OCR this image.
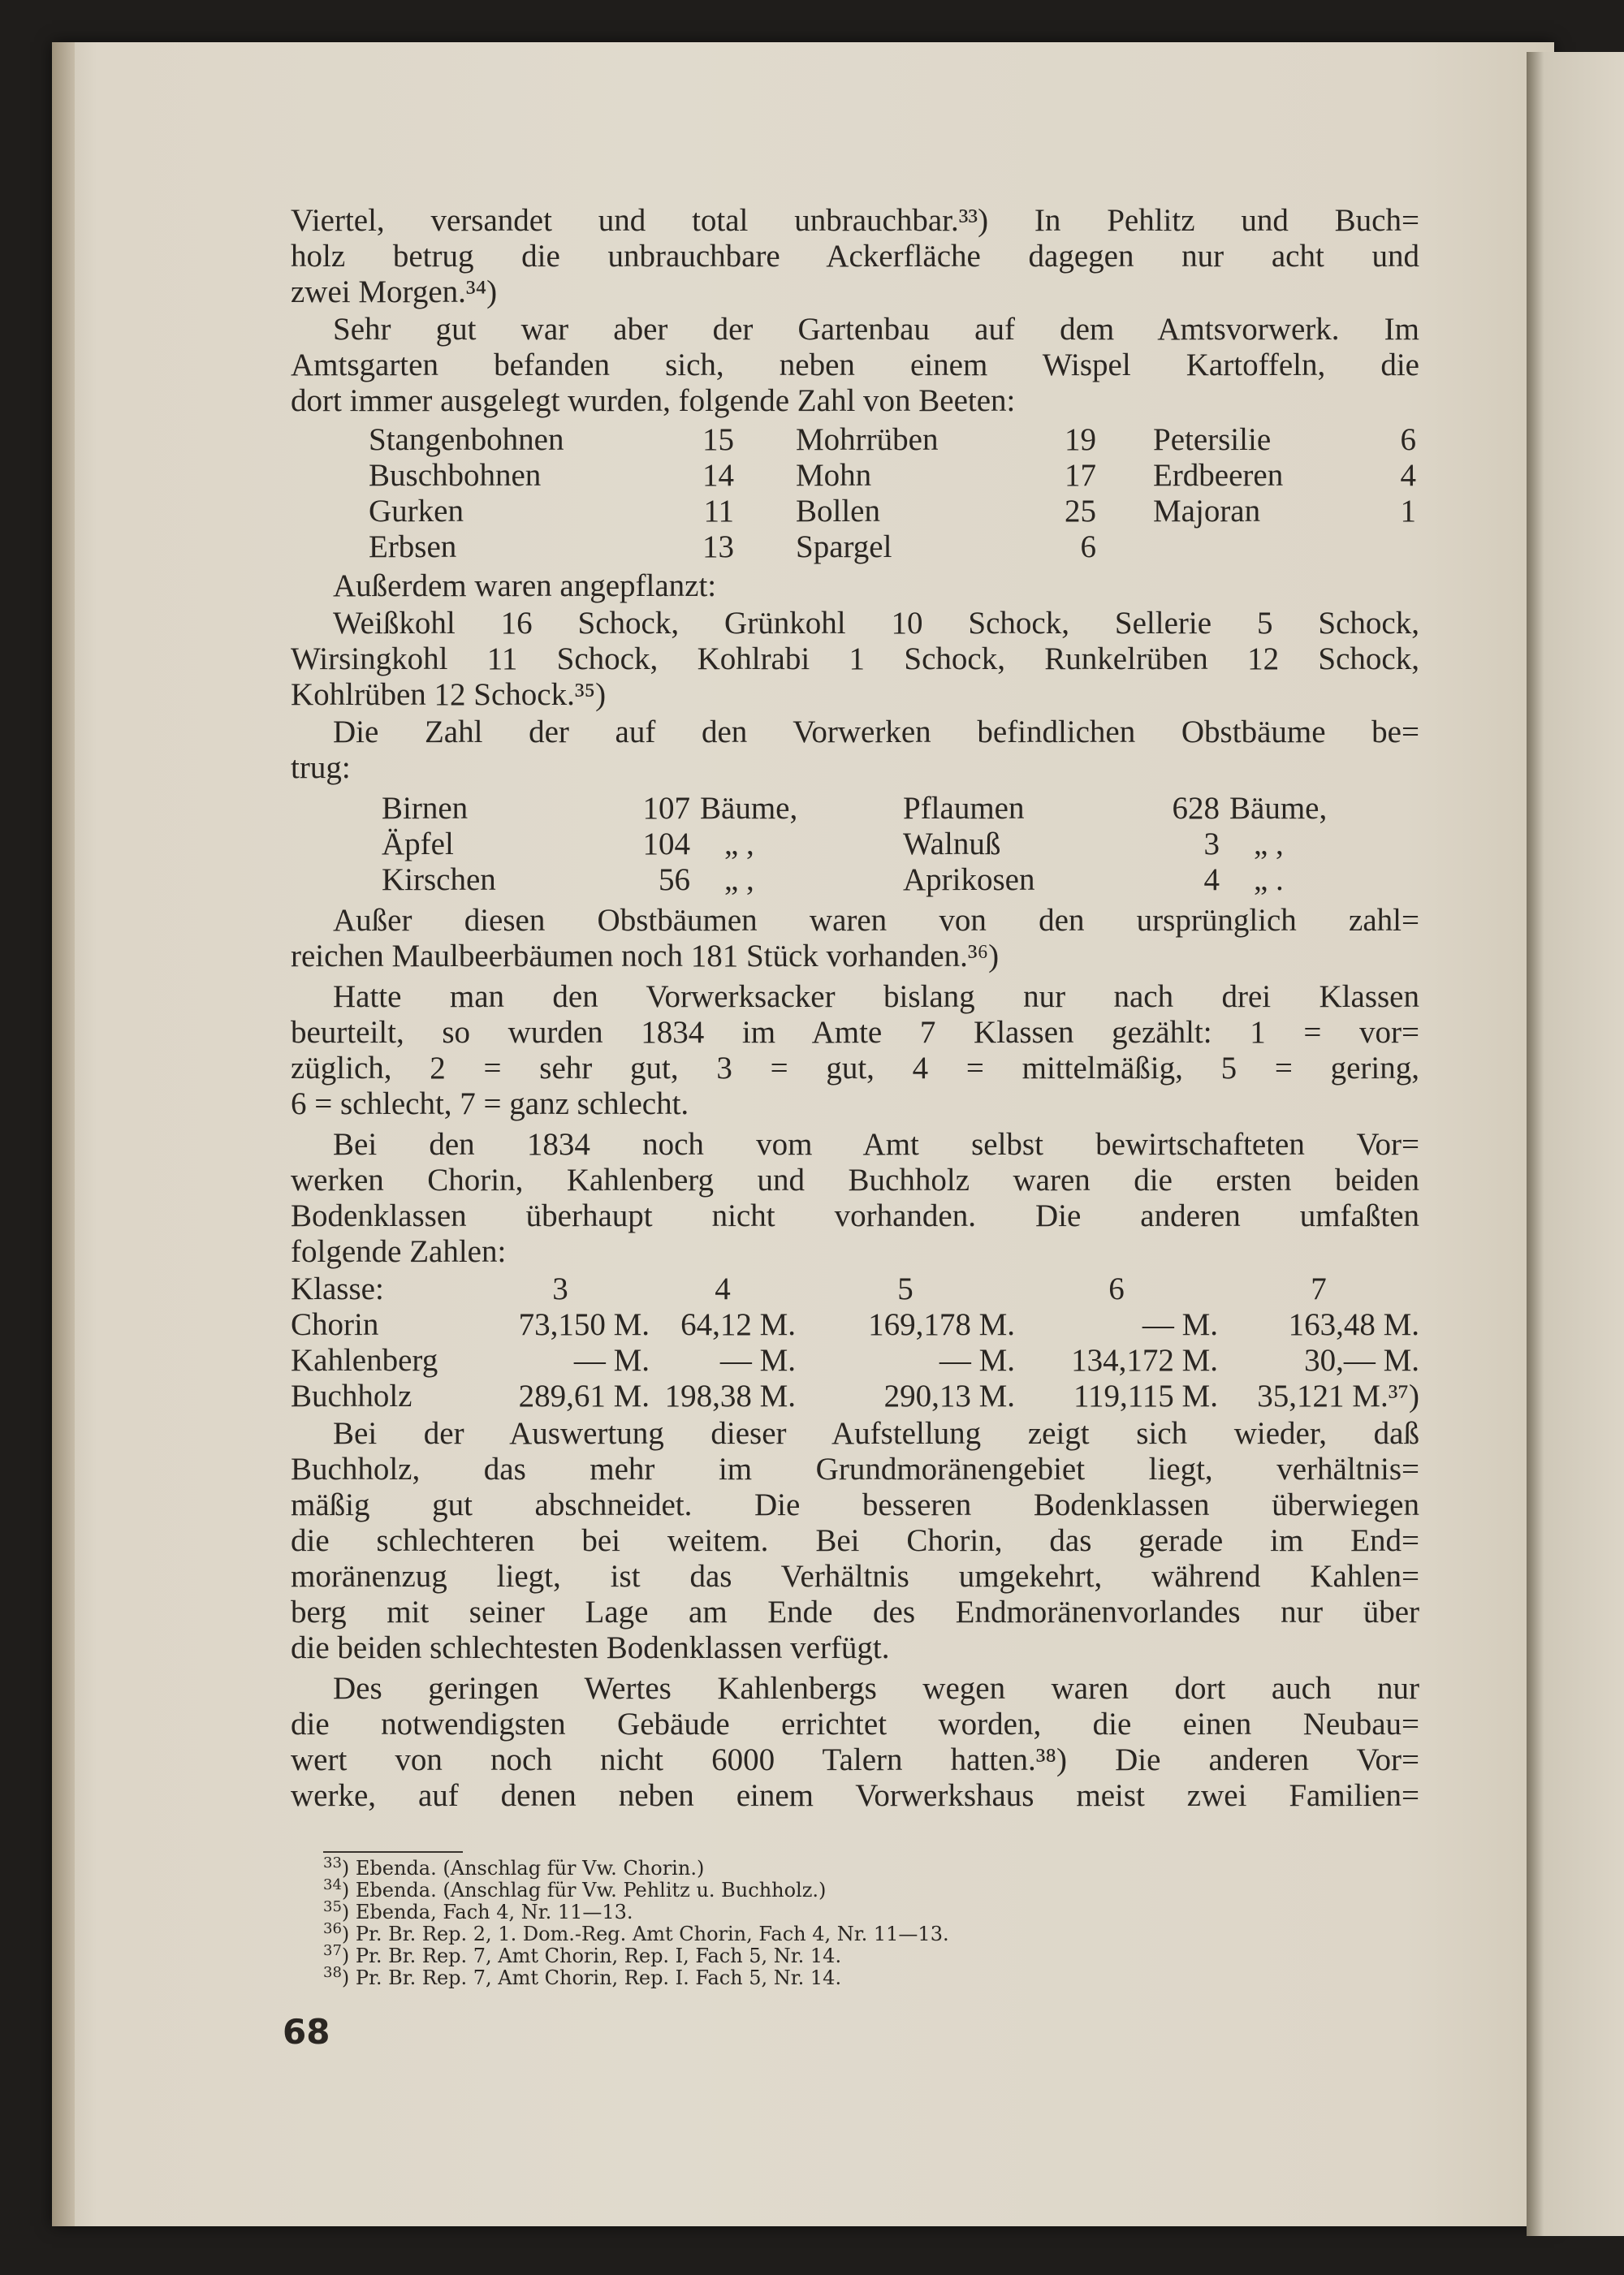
Viertel, versandet und total unbrauchbar.³³) In Pehlitz und Buch=
holz betrug die unbrauchbare Ackerfläche dagegen nur acht und
zwei Morgen.³⁴)

Sehr gut war aber der Gartenbau auf dem Amtsvorwerk. Im
Amtsgarten befanden sich, neben einem Wispel Kartoffeln, die
dort immer ausgelegt wurden, folgende Zahl von Beeten:

Stangenbohnen	15		Mohrrüben	19		Petersilie	6
Buschbohnen	14		Mohn	17		Erdbeeren	4
Gurken	11		Bollen	25		Majoran	1
Erbsen	13		Spargel	6			

Außerdem waren angepflanzt:

Weißkohl 16 Schock, Grünkohl 10 Schock, Sellerie 5 Schock,
Wirsingkohl 11 Schock, Kohlrabi 1 Schock, Runkelrüben 12 Schock,
Kohlrüben 12 Schock.³⁵)

Die Zahl der auf den Vorwerken befindlichen Obstbäume be=
trug:

Birnen	107	Bäume,	Pflaumen	628	Bäume,
Äpfel	104	„ ,	Walnuß	3	„ ,
Kirschen	56	„ ,	Aprikosen	4	„ .

Außer diesen Obstbäumen waren von den ursprünglich zahl=
reichen Maulbeerbäumen noch 181 Stück vorhanden.³⁶)

Hatte man den Vorwerksacker bislang nur nach drei Klassen
beurteilt, so wurden 1834 im Amte 7 Klassen gezählt: 1 = vor=
züglich, 2 = sehr gut, 3 = gut, 4 = mittelmäßig, 5 = gering,
6 = schlecht, 7 = ganz schlecht.

Bei den 1834 noch vom Amt selbst bewirtschafteten Vor=
werken Chorin, Kahlenberg und Buchholz waren die ersten beiden
Bodenklassen überhaupt nicht vorhanden. Die anderen umfaßten
folgende Zahlen:

Klasse:	3	4	5	6	7
Chorin	73,150 M.	64,12 M.	169,178 M.	— M.	163,48 M.
Kahlenberg	— M.	— M.	— M.	134,172 M.	30,— M.
Buchholz	289,61 M.	198,38 M.	290,13 M.	119,115 M.	35,121 M.³⁷)

Bei der Auswertung dieser Aufstellung zeigt sich wieder, daß
Buchholz, das mehr im Grundmoränengebiet liegt, verhältnis=
mäßig gut abschneidet. Die besseren Bodenklassen überwiegen
die schlechteren bei weitem. Bei Chorin, das gerade im End=
moränenzug liegt, ist das Verhältnis umgekehrt, während Kahlen=
berg mit seiner Lage am Ende des Endmoränenvorlandes nur über
die beiden schlechtesten Bodenklassen verfügt.

Des geringen Wertes Kahlenbergs wegen waren dort auch nur
die notwendigsten Gebäude errichtet worden, die einen Neubau=
wert von noch nicht 6000 Talern hatten.³⁸) Die anderen Vor=
werke, auf denen neben einem Vorwerkshaus meist zwei Familien=

$^{33}$) Ebenda. (Anschlag für Vw. Chorin.)
$^{34}$) Ebenda. (Anschlag für Vw. Pehlitz u. Buchholz.)
$^{35}$) Ebenda, Fach 4, Nr. 11—13.
$^{36}$) Pr. Br. Rep. 2, 1. Dom.-Reg. Amt Chorin, Fach 4, Nr. 11—13.
$^{37}$) Pr. Br. Rep. 7, Amt Chorin, Rep. I, Fach 5, Nr. 14.
$^{38}$) Pr. Br. Rep. 7, Amt Chorin, Rep. I. Fach 5, Nr. 14.
68
